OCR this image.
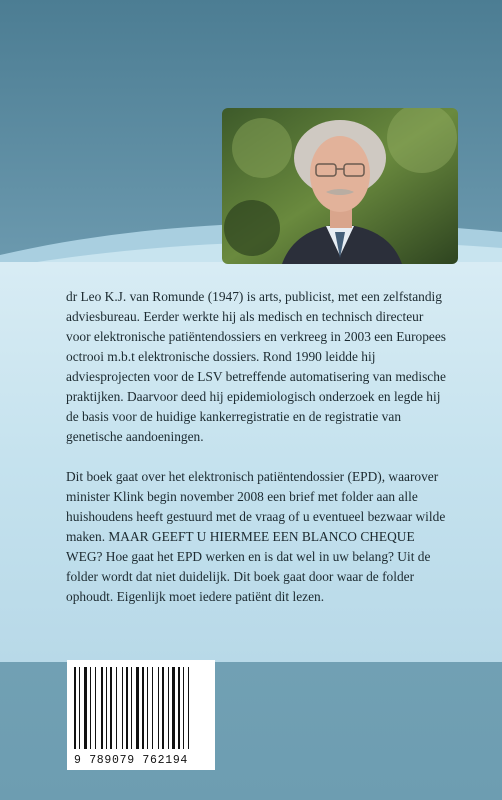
dr Leo K.J. van Romunde (1947) is arts, publicist, met een zelfstandig adviesbureau. Eerder werkte hij als medisch en technisch directeur voor elektronische patiëntendossiers en verkreeg in 2003 een Europees octrooi m.b.t elektronische dossiers. Rond 1990 leidde hij adviesprojecten voor de LSV betreffende automatisering van medische praktijken. Daarvoor deed hij epidemiologisch onderzoek en legde hij de basis voor de huidige kankerregistratie en de registratie van genetische aandoeningen.

Dit boek gaat over het elektronisch patiëntendossier (EPD), waarover minister Klink begin november 2008 een brief met folder aan alle huishoudens heeft gestuurd met de vraag of u eventueel bezwaar wilde maken. MAAR GEEFT U HIERMEE EEN BLANCO CHEQUE WEG? Hoe gaat het EPD werken en is dat wel in uw belang? Uit de folder wordt dat niet duidelijk. Dit boek gaat door waar de folder ophoudt. Eigenlijk moet iedere patiënt dit lezen.

9 789079 762194
